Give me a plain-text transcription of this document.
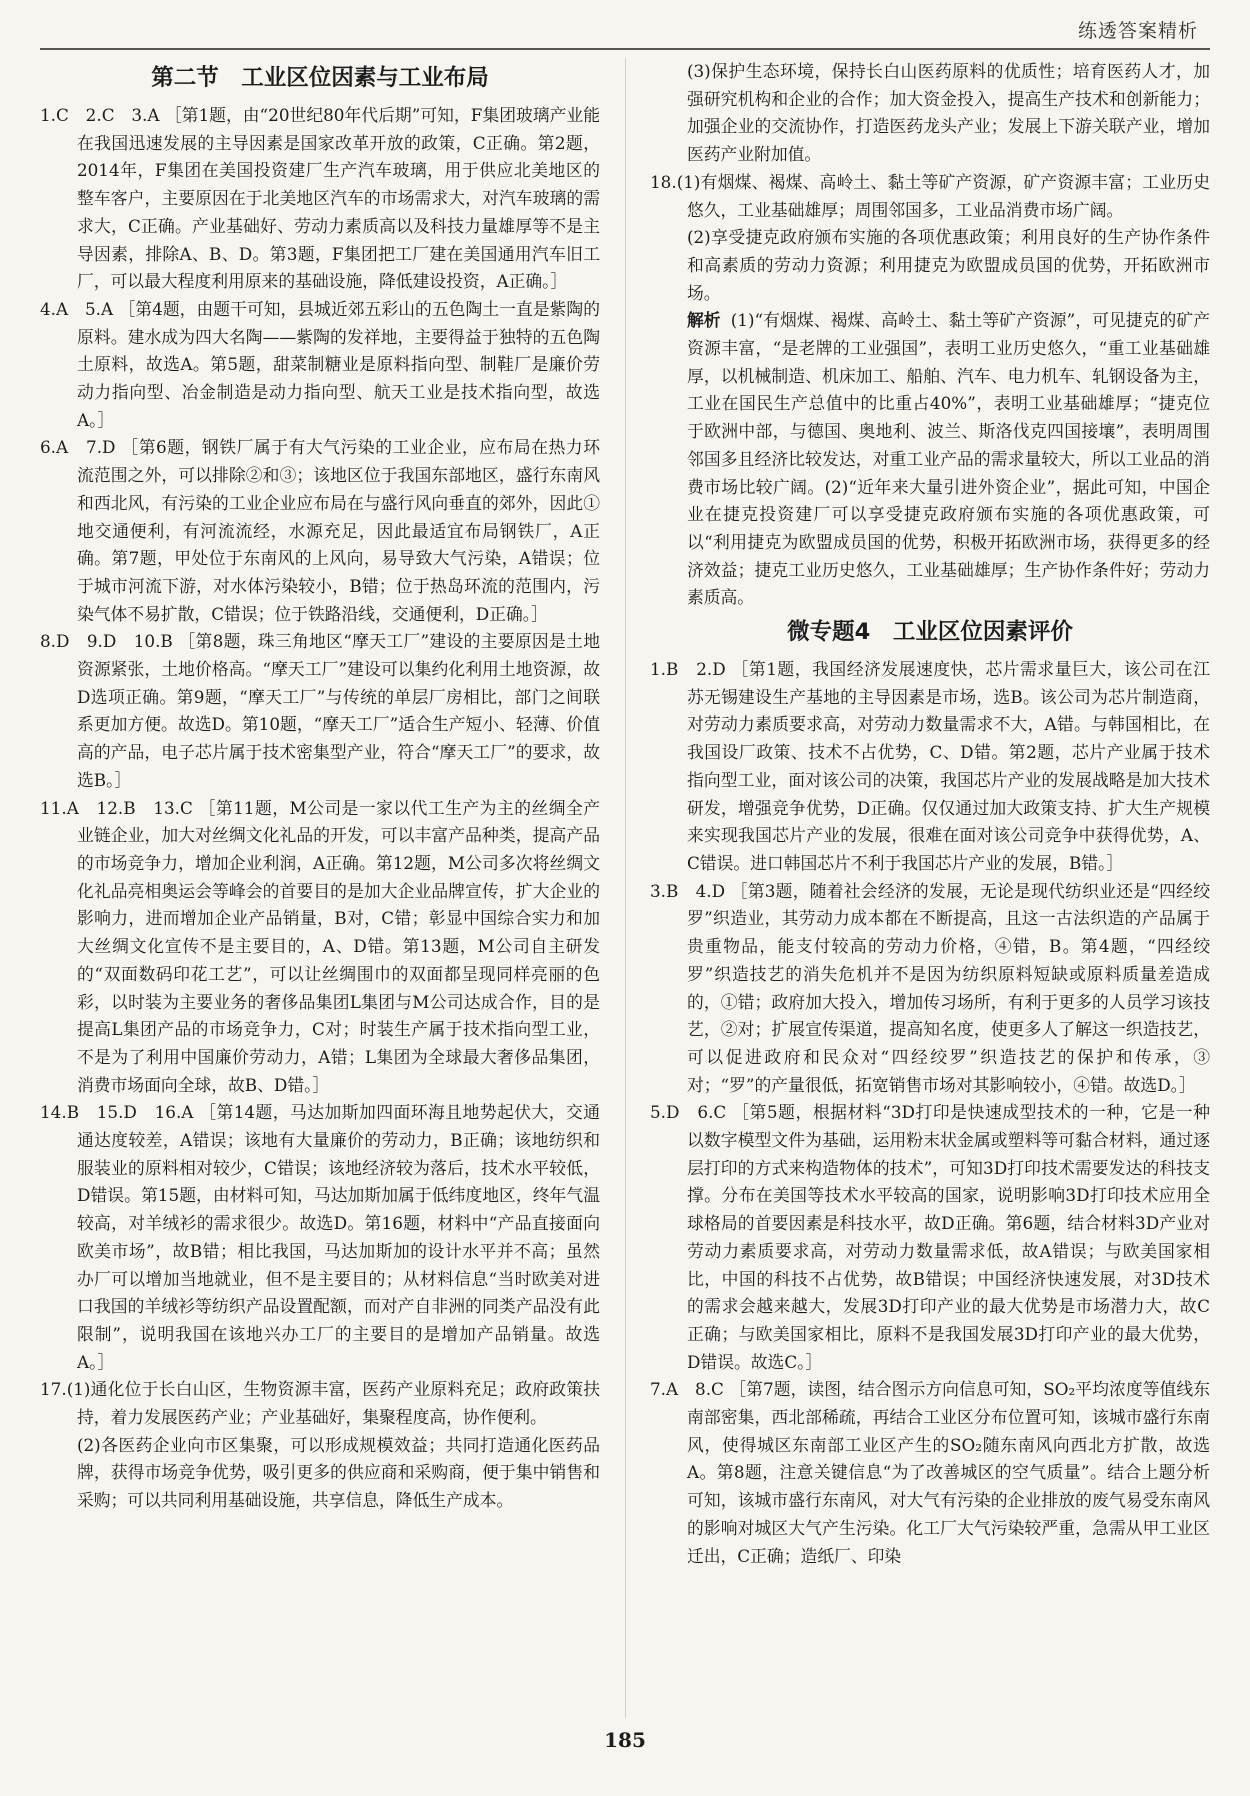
练透答案精析
第二节　工业区位因素与工业布局

1.C　2.C　3.A ［第1题，由“20世纪80年代后期”可知，F集团玻璃产业能在我国迅速发展的主导因素是国家改革开放的政策，C正确。第2题，2014年，F集团在美国投资建厂生产汽车玻璃，用于供应北美地区的整车客户，主要原因在于北美地区汽车的市场需求大，对汽车玻璃的需求大，C正确。产业基础好、劳动力素质高以及科技力量雄厚等不是主导因素，排除A、B、D。第3题，F集团把工厂建在美国通用汽车旧工厂，可以最大程度利用原来的基础设施，降低建设投资，A正确。］

4.A　5.A ［第4题，由题干可知，县城近郊五彩山的五色陶土一直是紫陶的原料。建水成为四大名陶——紫陶的发祥地，主要得益于独特的五色陶土原料，故选A。第5题，甜菜制糖业是原料指向型、制鞋厂是廉价劳动力指向型、冶金制造是动力指向型、航天工业是技术指向型，故选A。］

6.A　7.D ［第6题，钢铁厂属于有大气污染的工业企业，应布局在热力环流范围之外，可以排除②和③；该地区位于我国东部地区，盛行东南风和西北风，有污染的工业企业应布局在与盛行风向垂直的郊外，因此①地交通便利，有河流流经，水源充足，因此最适宜布局钢铁厂，A正确。第7题，甲处位于东南风的上风向，易导致大气污染，A错误；位于城市河流下游，对水体污染较小，B错；位于热岛环流的范围内，污染气体不易扩散，C错误；位于铁路沿线，交通便利，D正确。］

8.D　9.D　10.B ［第8题，珠三角地区“摩天工厂”建设的主要原因是土地资源紧张，土地价格高。“摩天工厂”建设可以集约化利用土地资源，故D选项正确。第9题，“摩天工厂”与传统的单层厂房相比，部门之间联系更加方便。故选D。第10题，“摩天工厂”适合生产短小、轻薄、价值高的产品，电子芯片属于技术密集型产业，符合“摩天工厂”的要求，故选B。］

11.A　12.B　13.C ［第11题，M公司是一家以代工生产为主的丝绸全产业链企业，加大对丝绸文化礼品的开发，可以丰富产品种类，提高产品的市场竞争力，增加企业利润，A正确。第12题，M公司多次将丝绸文化礼品亮相奥运会等峰会的首要目的是加大企业品牌宣传，扩大企业的影响力，进而增加企业产品销量，B对，C错；彰显中国综合实力和加大丝绸文化宣传不是主要目的，A、D错。第13题，M公司自主研发的“双面数码印花工艺”，可以让丝绸围巾的双面都呈现同样亮丽的色彩，以时装为主要业务的奢侈品集团L集团与M公司达成合作，目的是提高L集团产品的市场竞争力，C对；时装生产属于技术指向型工业，不是为了利用中国廉价劳动力，A错；L集团为全球最大奢侈品集团，消费市场面向全球，故B、D错。］

14.B　15.D　16.A ［第14题，马达加斯加四面环海且地势起伏大，交通通达度较差，A错误；该地有大量廉价的劳动力，B正确；该地纺织和服装业的原料相对较少，C错误；该地经济较为落后，技术水平较低，D错误。第15题，由材料可知，马达加斯加属于低纬度地区，终年气温较高，对羊绒衫的需求很少。故选D。第16题，材料中“产品直接面向欧美市场”，故B错；相比我国，马达加斯加的设计水平并不高；虽然办厂可以增加当地就业，但不是主要目的；从材料信息“当时欧美对进口我国的羊绒衫等纺织产品设置配额，而对产自非洲的同类产品没有此限制”，说明我国在该地兴办工厂的主要目的是增加产品销量。故选A。］

17.(1)通化位于长白山区，生物资源丰富，医药产业原料充足；政府政策扶持，着力发展医药产业；产业基础好，集聚程度高，协作便利。

(2)各医药企业向市区集聚，可以形成规模效益；共同打造通化医药品牌，获得市场竞争优势，吸引更多的供应商和采购商，便于集中销售和采购；可以共同利用基础设施，共享信息，降低生产成本。

(3)保护生态环境，保持长白山医药原料的优质性；培育医药人才，加强研究机构和企业的合作；加大资金投入，提高生产技术和创新能力；加强企业的交流协作，打造医药龙头产业；发展上下游关联产业，增加医药产业附加值。

18.(1)有烟煤、褐煤、高岭土、黏土等矿产资源，矿产资源丰富；工业历史悠久，工业基础雄厚；周围邻国多，工业品消费市场广阔。

(2)享受捷克政府颁布实施的各项优惠政策；利用良好的生产协作条件和高素质的劳动力资源；利用捷克为欧盟成员国的优势，开拓欧洲市场。

解析 (1)“有烟煤、褐煤、高岭土、黏土等矿产资源”，可见捷克的矿产资源丰富，“是老牌的工业强国”，表明工业历史悠久，“重工业基础雄厚，以机械制造、机床加工、船舶、汽车、电力机车、轧钢设备为主，工业在国民生产总值中的比重占40%”，表明工业基础雄厚；“捷克位于欧洲中部，与德国、奥地利、波兰、斯洛伐克四国接壤”，表明周围邻国多且经济比较发达，对重工业产品的需求量较大，所以工业品的消费市场比较广阔。(2)“近年来大量引进外资企业”，据此可知，中国企业在捷克投资建厂可以享受捷克政府颁布实施的各项优惠政策，可以“利用捷克为欧盟成员国的优势，积极开拓欧洲市场，获得更多的经济效益；捷克工业历史悠久，工业基础雄厚；生产协作条件好；劳动力素质高。

微专题4　工业区位因素评价

1.B　2.D ［第1题，我国经济发展速度快，芯片需求量巨大，该公司在江苏无锡建设生产基地的主导因素是市场，选B。该公司为芯片制造商，对劳动力素质要求高，对劳动力数量需求不大，A错。与韩国相比，在我国设厂政策、技术不占优势，C、D错。第2题，芯片产业属于技术指向型工业，面对该公司的决策，我国芯片产业的发展战略是加大技术研发，增强竞争优势，D正确。仅仅通过加大政策支持、扩大生产规模来实现我国芯片产业的发展，很难在面对该公司竞争中获得优势，A、C错误。进口韩国芯片不利于我国芯片产业的发展，B错。］

3.B　4.D ［第3题，随着社会经济的发展，无论是现代纺织业还是“四经绞罗”织造业，其劳动力成本都在不断提高，且这一古法织造的产品属于贵重物品，能支付较高的劳动力价格，④错，B。第4题，“四经绞罗”织造技艺的消失危机并不是因为纺织原料短缺或原料质量差造成的，①错；政府加大投入，增加传习场所，有利于更多的人员学习该技艺，②对；扩展宣传渠道，提高知名度，使更多人了解这一织造技艺，可以促进政府和民众对“四经绞罗”织造技艺的保护和传承，③对；“罗”的产量很低，拓宽销售市场对其影响较小，④错。故选D。］

5.D　6.C ［第5题，根据材料“3D打印是快速成型技术的一种，它是一种以数字模型文件为基础，运用粉末状金属或塑料等可黏合材料，通过逐层打印的方式来构造物体的技术”，可知3D打印技术需要发达的科技支撑。分布在美国等技术水平较高的国家，说明影响3D打印技术应用全球格局的首要因素是科技水平，故D正确。第6题，结合材料3D产业对劳动力素质要求高，对劳动力数量需求低，故A错误；与欧美国家相比，中国的科技不占优势，故B错误；中国经济快速发展，对3D技术的需求会越来越大，发展3D打印产业的最大优势是市场潜力大，故C正确；与欧美国家相比，原料不是我国发展3D打印产业的最大优势，D错误。故选C。］

7.A　8.C ［第7题，读图，结合图示方向信息可知，SO₂平均浓度等值线东南部密集，西北部稀疏，再结合工业区分布位置可知，该城市盛行东南风，使得城区东南部工业区产生的SO₂随东南风向西北方扩散，故选A。第8题，注意关键信息“为了改善城区的空气质量”。结合上题分析可知，该城市盛行东南风，对大气有污染的企业排放的废气易受东南风的影响对城区大气产生污染。化工厂大气污染较严重，急需从甲工业区迁出，C正确；造纸厂、印染

185
